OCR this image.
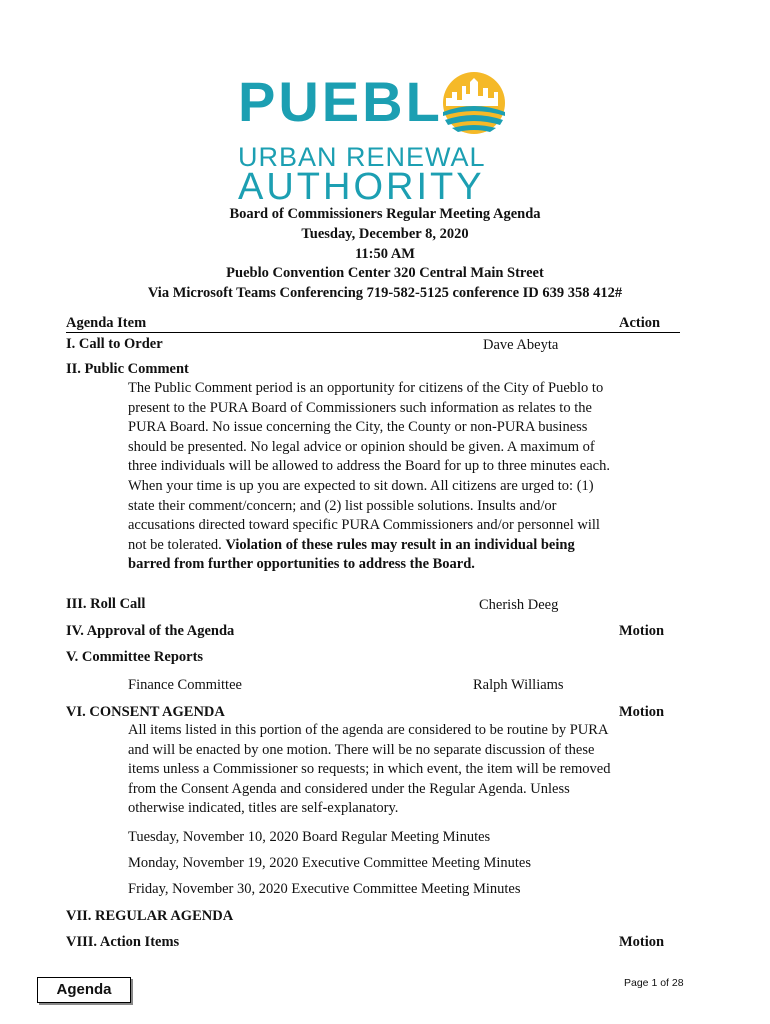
PUEBL
URBAN RENEWAL
AUTHORITY
Board of Commissioners Regular Meeting Agenda
Tuesday, December 8, 2020
11:50 AM
Pueblo Convention Center 320 Central Main Street
Via Microsoft Teams Conferencing 719-582-5125 conference ID 639 358 412#
Agenda Item	Action
I. Call to Order	Dave Abeyta
II. Public Comment
The Public Comment period is an opportunity for citizens of the City of Pueblo to present to the PURA Board of Commissioners such information as relates to the PURA Board. No issue concerning the City, the County or non-PURA business should be presented. No legal advice or opinion should be given. A maximum of three individuals will be allowed to address the Board for up to three minutes each. When your time is up you are expected to sit down. All citizens are urged to: (1) state their comment/concern; and (2) list possible solutions. Insults and/or accusations directed toward specific PURA Commissioners and/or personnel will not be tolerated. Violation of these rules may result in an individual being barred from further opportunities to address the Board.
III. Roll Call	Cherish Deeg
IV. Approval of the Agenda	Motion
V. Committee Reports
Finance Committee	Ralph Williams
VI. CONSENT AGENDA	Motion
All items listed in this portion of the agenda are considered to be routine by PURA and will be enacted by one motion. There will be no separate discussion of these items unless a Commissioner so requests; in which event, the item will be removed from the Consent Agenda and considered under the Regular Agenda. Unless otherwise indicated, titles are self-explanatory.
Tuesday, November 10, 2020 Board Regular Meeting Minutes
Monday, November 19, 2020 Executive Committee Meeting Minutes
Friday, November 30, 2020 Executive Committee Meeting Minutes
VII. REGULAR AGENDA
VIII. Action Items	Motion
Agenda	Page 1 of 28
